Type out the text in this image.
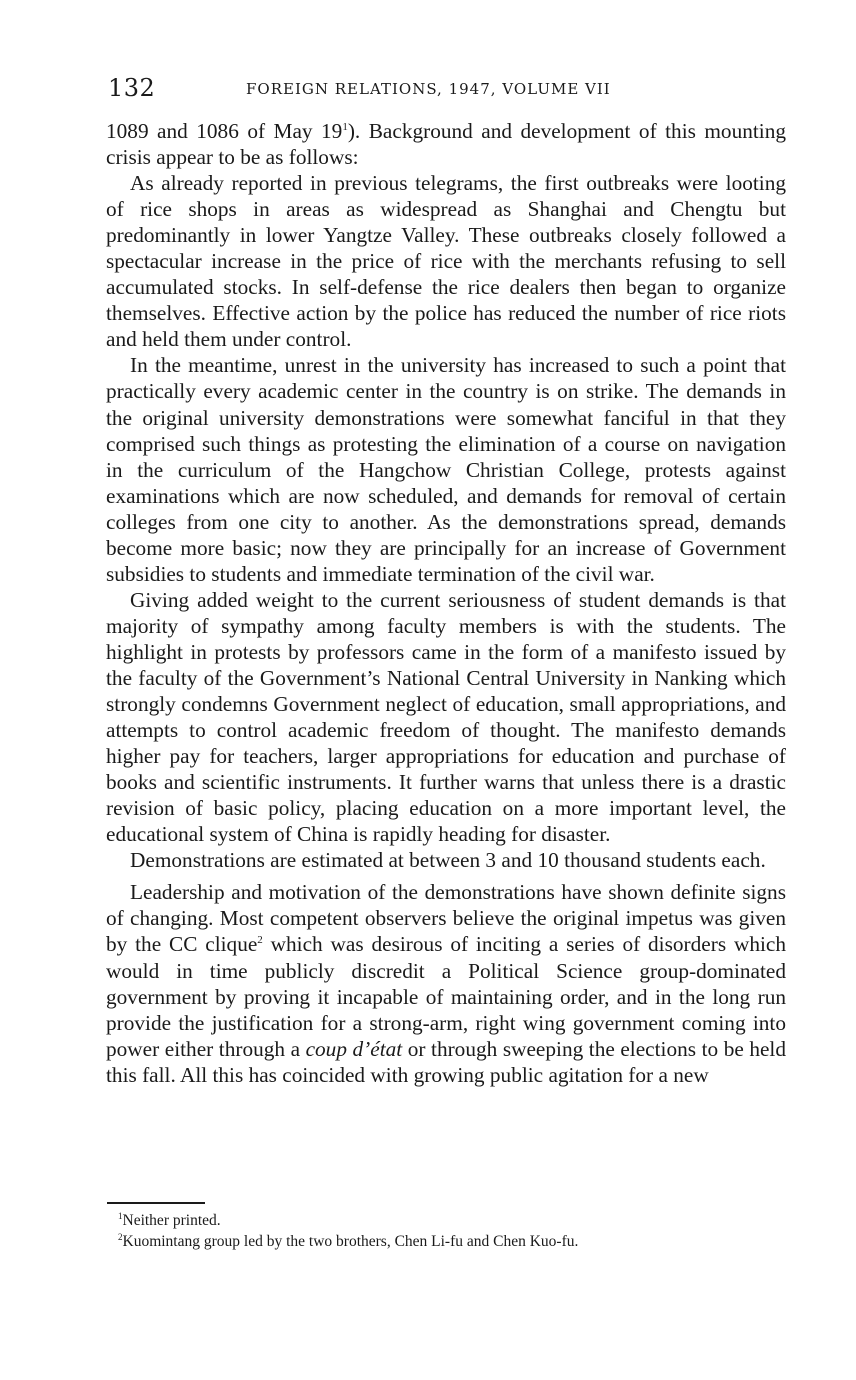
132	FOREIGN RELATIONS, 1947, VOLUME VII

1089 and 1086 of May 19$^1$). Background and development of this mounting crisis appear to be as follows:

As already reported in previous telegrams, the first outbreaks were looting of rice shops in areas as widespread as Shanghai and Chengtu but predominantly in lower Yangtze Valley. These outbreaks closely followed a spectacular increase in the price of rice with the merchants refusing to sell accumulated stocks. In self-defense the rice dealers then began to organize themselves. Effective action by the police has reduced the number of rice riots and held them under control.

In the meantime, unrest in the university has increased to such a point that practically every academic center in the country is on strike. The demands in the original university demonstrations were somewhat fanciful in that they comprised such things as protesting the elimination of a course on navigation in the curriculum of the Hangchow Christian College, protests against examinations which are now scheduled, and demands for removal of certain colleges from one city to another. As the demonstrations spread, demands become more basic; now they are principally for an increase of Government subsidies to students and immediate termination of the civil war.

Giving added weight to the current seriousness of student demands is that majority of sympathy among faculty members is with the students. The highlight in protests by professors came in the form of a manifesto issued by the faculty of the Government’s National Central University in Nanking which strongly condemns Government neglect of education, small appropriations, and attempts to control academic freedom of thought. The manifesto demands higher pay for teachers, larger appropriations for education and purchase of books and scientific instruments. It further warns that unless there is a drastic revision of basic policy, placing education on a more important level, the educational system of China is rapidly heading for disaster.

Demonstrations are estimated at between 3 and 10 thousand students each.

Leadership and motivation of the demonstrations have shown definite signs of changing. Most competent observers believe the original impetus was given by the CC clique$^2$ which was desirous of inciting a series of disorders which would in time publicly discredit a Political Science group-dominated government by proving it incapable of maintaining order, and in the long run provide the justification for a strong-arm, right wing government coming into power either through a coup d’état or through sweeping the elections to be held this fall. All this has coincided with growing public agitation for a new

$^1$Neither printed.

$^2$Kuomintang group led by the two brothers, Chen Li-fu and Chen Kuo-fu.
